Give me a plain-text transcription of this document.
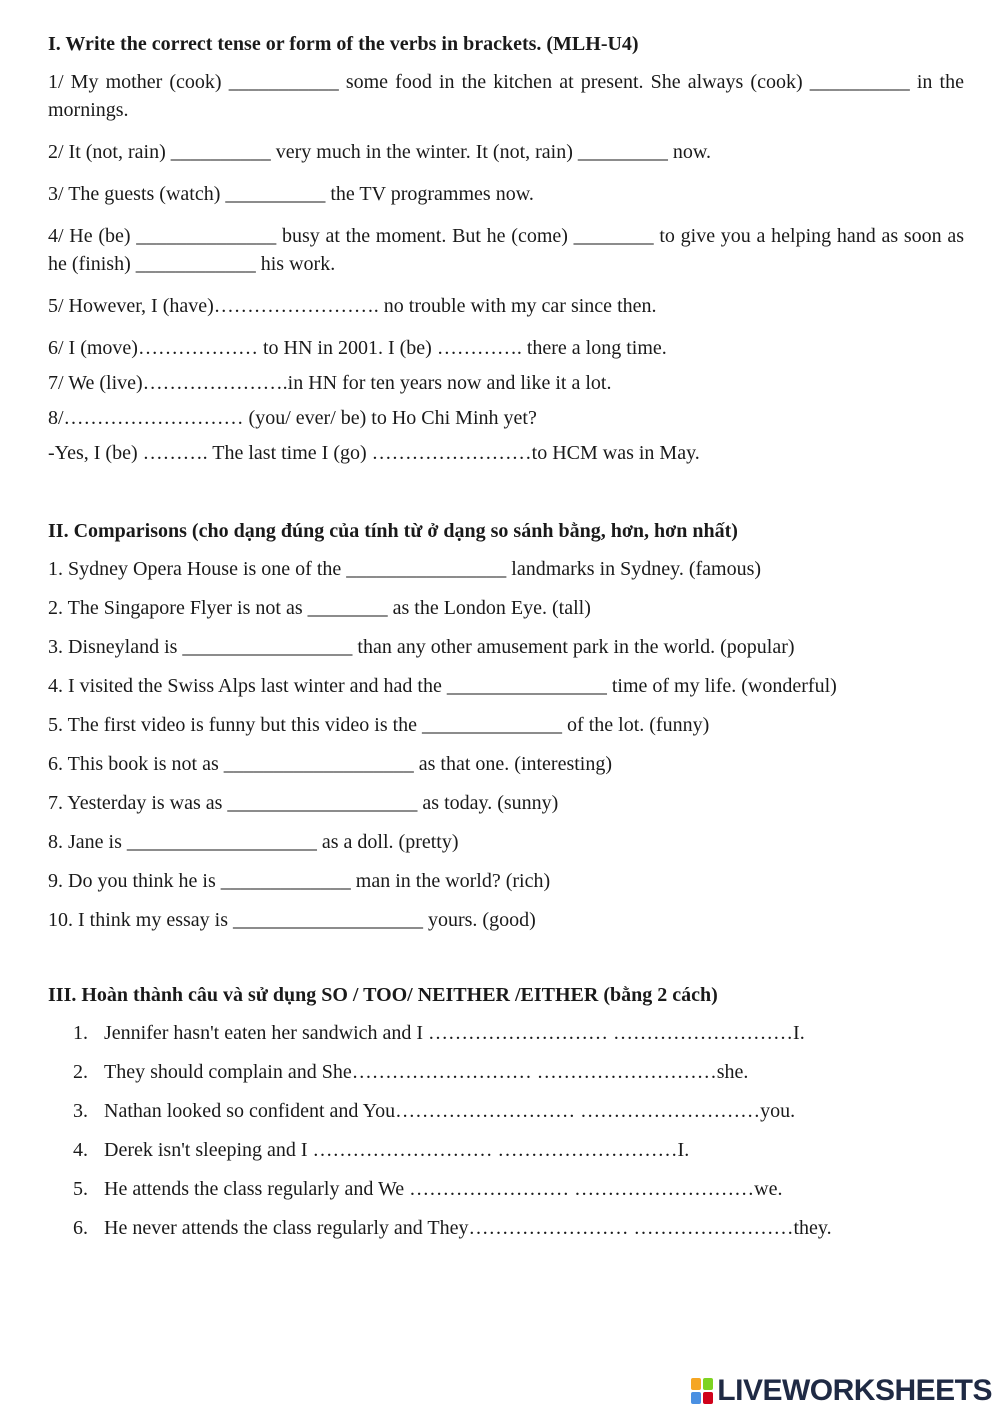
I. Write the correct tense or form of the verbs in brackets. (MLH-U4)
1/ My mother (cook) ___________ some food in the kitchen at present. She always (cook) __________ in the mornings.
2/ It (not, rain) __________ very much in the winter. It (not, rain) _________ now.
3/ The guests (watch) __________ the TV programmes now.
4/ He (be) ______________ busy at the moment. But he (come) ________ to give you a helping hand as soon as he (finish) ____________ his work.
5/ However, I (have)……………………. no trouble with my car since then.
6/ I (move)……………… to HN in 2001. I (be) …………. there a long time.
7/ We (live)………………….in HN for ten years now and like it a lot.
8/……………………… (you/ ever/ be) to Ho Chi Minh yet?
-Yes, I (be) ………. The last time I (go) ……………………to HCM was in May.
II. Comparisons (cho dạng đúng của tính từ ở dạng so sánh bằng, hơn, hơn nhất)
1. Sydney Opera House is one of the ________________ landmarks in Sydney. (famous)
2. The Singapore Flyer is not as ________ as the London Eye. (tall)
3. Disneyland is _________________ than any other amusement park in the world. (popular)
4. I visited the Swiss Alps last winter and had the ________________ time of my life. (wonderful)
5. The first video is funny but this video is the ______________ of the lot. (funny)
6. This book is not as ___________________ as that one. (interesting)
7. Yesterday is was as ___________________ as today. (sunny)
8. Jane is ___________________ as a doll. (pretty)
9. Do you think he is _____________ man in the world? (rich)
10. I think my essay is ___________________ yours. (good)
III. Hoàn thành câu và sử dụng SO / TOO/ NEITHER /EITHER (bằng 2 cách)
1. Jennifer hasn't eaten her sandwich and I ……………………… ………………………I.
2. They should complain and She……………………… ………………………she.
3. Nathan looked so confident and You……………………… ………………………you.
4. Derek isn't sleeping and I ……………………… ………………………I.
5. He attends the class regularly and We …………………… ………………………we.
6. He never attends the class regularly and They…………………… ……………………they.
LIVEWORKSHEETS
